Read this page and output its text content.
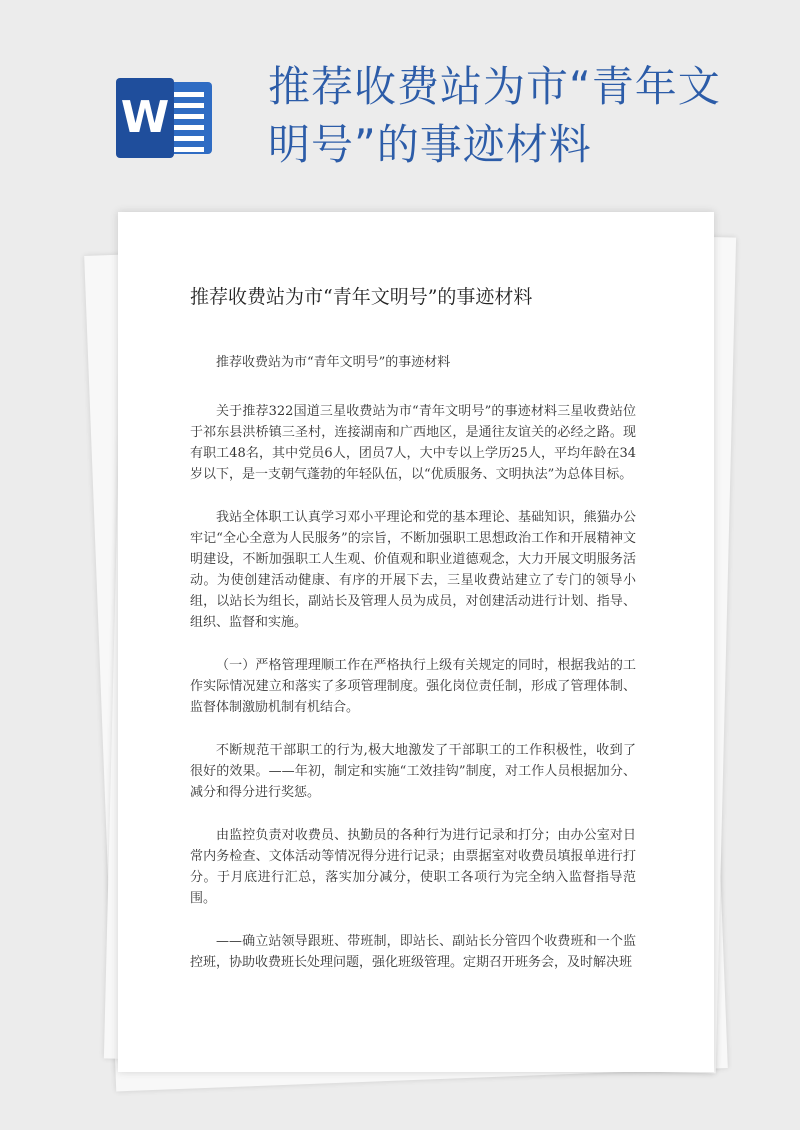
W
推荐收费站为市“青年文明号”的事迹材料
推荐收费站为市“青年文明号”的事迹材料

推荐收费站为市“青年文明号”的事迹材料

关于推荐322国道三星收费站为市“青年文明号”的事迹材料三星收费站位于祁东县洪桥镇三圣村，连接湖南和广西地区，是通往友谊关的必经之路。现有职工48名，其中党员6人，团员7人，大中专以上学历25人，平均年龄在34岁以下，是一支朝气蓬勃的年轻队伍，以“优质服务、文明执法”为总体目标。

我站全体职工认真学习邓小平理论和党的基本理论、基础知识，熊猫办公牢记“全心全意为人民服务”的宗旨，不断加强职工思想政治工作和开展精神文明建设，不断加强职工人生观、价值观和职业道德观念，大力开展文明服务活动。为使创建活动健康、有序的开展下去，三星收费站建立了专门的领导小组，以站长为组长，副站长及管理人员为成员，对创建活动进行计划、指导、组织、监督和实施。

（一）严格管理理顺工作在严格执行上级有关规定的同时，根据我站的工作实际情况建立和落实了多项管理制度。强化岗位责任制，形成了管理体制、监督体制激励机制有机结合。

不断规范干部职工的行为,极大地激发了干部职工的工作积极性，收到了很好的效果。——年初，制定和实施“工效挂钩”制度，对工作人员根据加分、减分和得分进行奖惩。

由监控负责对收费员、执勤员的各种行为进行记录和打分；由办公室对日常内务检查、文体活动等情况得分进行记录；由票据室对收费员填报单进行打分。于月底进行汇总，落实加分减分，使职工各项行为完全纳入监督指导范围。

——确立站领导跟班、带班制，即站长、副站长分管四个收费班和一个监控班，协助收费班长处理问题，强化班级管理。定期召开班务会，及时解决班
